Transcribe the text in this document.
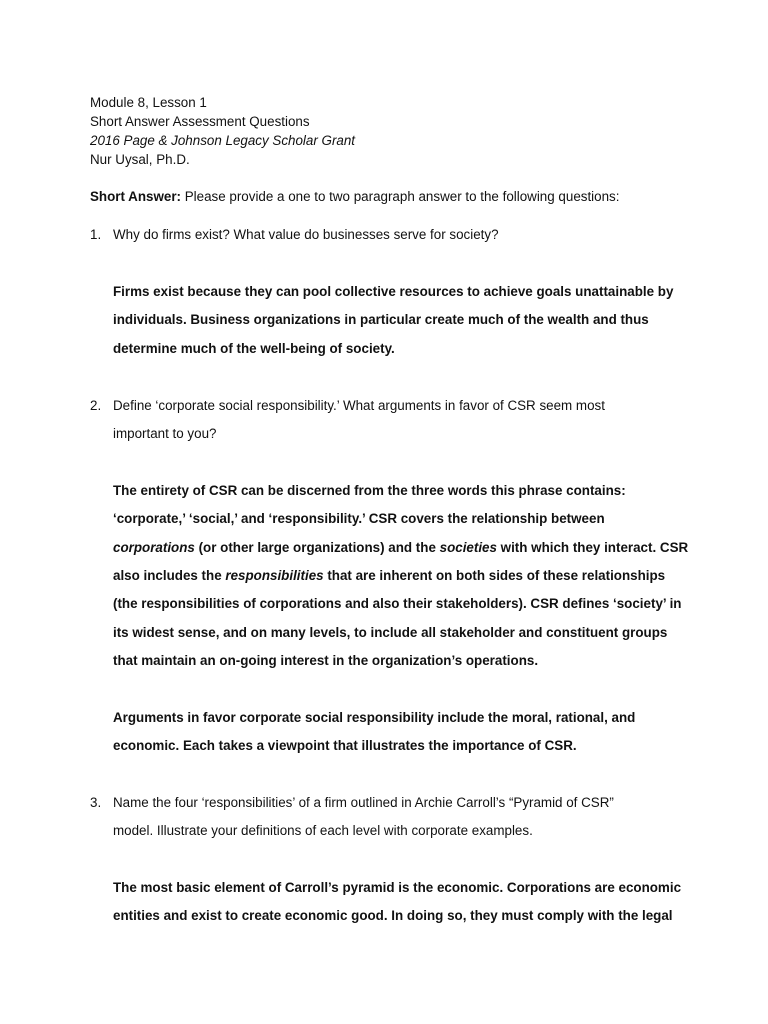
Module 8, Lesson 1
Short Answer Assessment Questions
2016 Page & Johnson Legacy Scholar Grant
Nur Uysal, Ph.D.
Short Answer: Please provide a one to two paragraph answer to the following questions:
1. Why do firms exist? What value do businesses serve for society?
Firms exist because they can pool collective resources to achieve goals unattainable by
individuals. Business organizations in particular create much of the wealth and thus
determine much of the well-being of society.
2. Define ‘corporate social responsibility.’ What arguments in favor of CSR seem most
important to you?
The entirety of CSR can be discerned from the three words this phrase contains:
‘corporate,’ ‘social,’ and ‘responsibility.’ CSR covers the relationship between
corporations (or other large organizations) and the societies with which they interact. CSR
also includes the responsibilities that are inherent on both sides of these relationships
(the responsibilities of corporations and also their stakeholders). CSR defines ‘society’ in
its widest sense, and on many levels, to include all stakeholder and constituent groups
that maintain an on-going interest in the organization’s operations.
Arguments in favor corporate social responsibility include the moral, rational, and
economic. Each takes a viewpoint that illustrates the importance of CSR.
3. Name the four ‘responsibilities’ of a firm outlined in Archie Carroll’s “Pyramid of CSR”
model. Illustrate your definitions of each level with corporate examples.
The most basic element of Carroll’s pyramid is the economic. Corporations are economic
entities and exist to create economic good. In doing so, they must comply with the legal
